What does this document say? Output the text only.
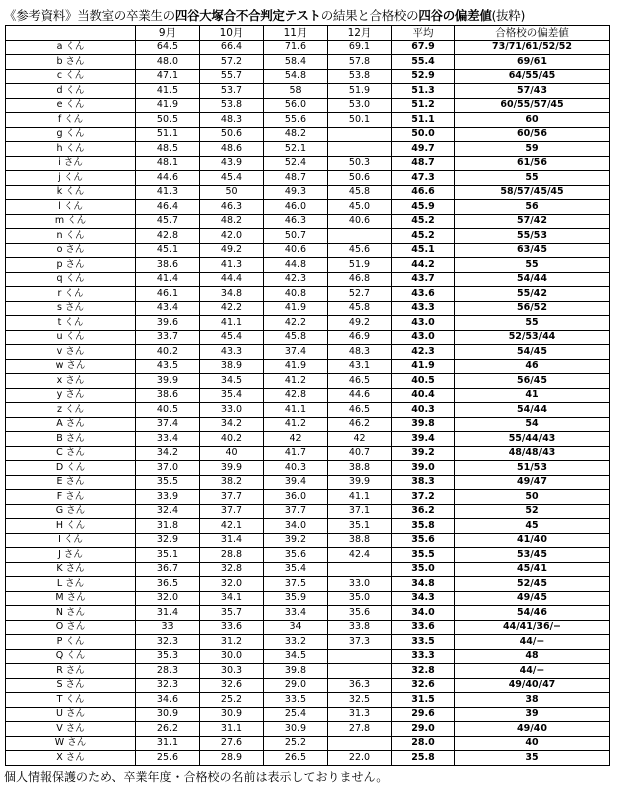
《参考資料》当教室の卒業生の四谷大塚合不合判定テストの結果と合格校の四谷の偏差値(抜粋)
	9月	10月	11月	12月	平均	合格校の偏差値
a くん	64.5	66.4	71.6	69.1	67.9	73/71/61/52/52
b さん	48.0	57.2	58.4	57.8	55.4	69/61
c くん	47.1	55.7	54.8	53.8	52.9	64/55/45
d くん	41.5	53.7	58	51.9	51.3	57/43
e くん	41.9	53.8	56.0	53.0	51.2	60/55/57/45
f くん	50.5	48.3	55.6	50.1	51.1	60
g くん	51.1	50.6	48.2		50.0	60/56
h くん	48.5	48.6	52.1		49.7	59
i さん	48.1	43.9	52.4	50.3	48.7	61/56
j くん	44.6	45.4	48.7	50.6	47.3	55
k くん	41.3	50	49.3	45.8	46.6	58/57/45/45
l くん	46.4	46.3	46.0	45.0	45.9	56
m くん	45.7	48.2	46.3	40.6	45.2	57/42
n くん	42.8	42.0	50.7		45.2	55/53
o さん	45.1	49.2	40.6	45.6	45.1	63/45
p さん	38.6	41.3	44.8	51.9	44.2	55
q くん	41.4	44.4	42.3	46.8	43.7	54/44
r くん	46.1	34.8	40.8	52.7	43.6	55/42
s さん	43.4	42.2	41.9	45.8	43.3	56/52
t くん	39.6	41.1	42.2	49.2	43.0	55
u くん	33.7	45.4	45.8	46.9	43.0	52/53/44
v さん	40.2	43.3	37.4	48.3	42.3	54/45
w さん	43.5	38.9	41.9	43.1	41.9	46
x さん	39.9	34.5	41.2	46.5	40.5	56/45
y さん	38.6	35.4	42.8	44.6	40.4	41
z くん	40.5	33.0	41.1	46.5	40.3	54/44
A さん	37.4	34.2	41.2	46.2	39.8	54
B さん	33.4	40.2	42	42	39.4	55/44/43
C さん	34.2	40	41.7	40.7	39.2	48/48/43
D くん	37.0	39.9	40.3	38.8	39.0	51/53
E さん	35.5	38.2	39.4	39.9	38.3	49/47
F さん	33.9	37.7	36.0	41.1	37.2	50
G さん	32.4	37.7	37.7	37.1	36.2	52
H くん	31.8	42.1	34.0	35.1	35.8	45
I くん	32.9	31.4	39.2	38.8	35.6	41/40
J さん	35.1	28.8	35.6	42.4	35.5	53/45
K さん	36.7	32.8	35.4		35.0	45/41
L さん	36.5	32.0	37.5	33.0	34.8	52/45
M さん	32.0	34.1	35.9	35.0	34.3	49/45
N さん	31.4	35.7	33.4	35.6	34.0	54/46
O さん	33	33.6	34	33.8	33.6	44/41/36/−
P くん	32.3	31.2	33.2	37.3	33.5	44/−
Q くん	35.3	30.0	34.5		33.3	48
R さん	28.3	30.3	39.8		32.8	44/−
S さん	32.3	32.6	29.0	36.3	32.6	49/40/47
T くん	34.6	25.2	33.5	32.5	31.5	38
U さん	30.9	30.9	25.4	31.3	29.6	39
V さん	26.2	31.1	30.9	27.8	29.0	49/40
W さん	31.1	27.6	25.2		28.0	40
X さん	25.6	28.9	26.5	22.0	25.8	35
個人情報保護のため、卒業年度・合格校の名前は表示しておりません。
